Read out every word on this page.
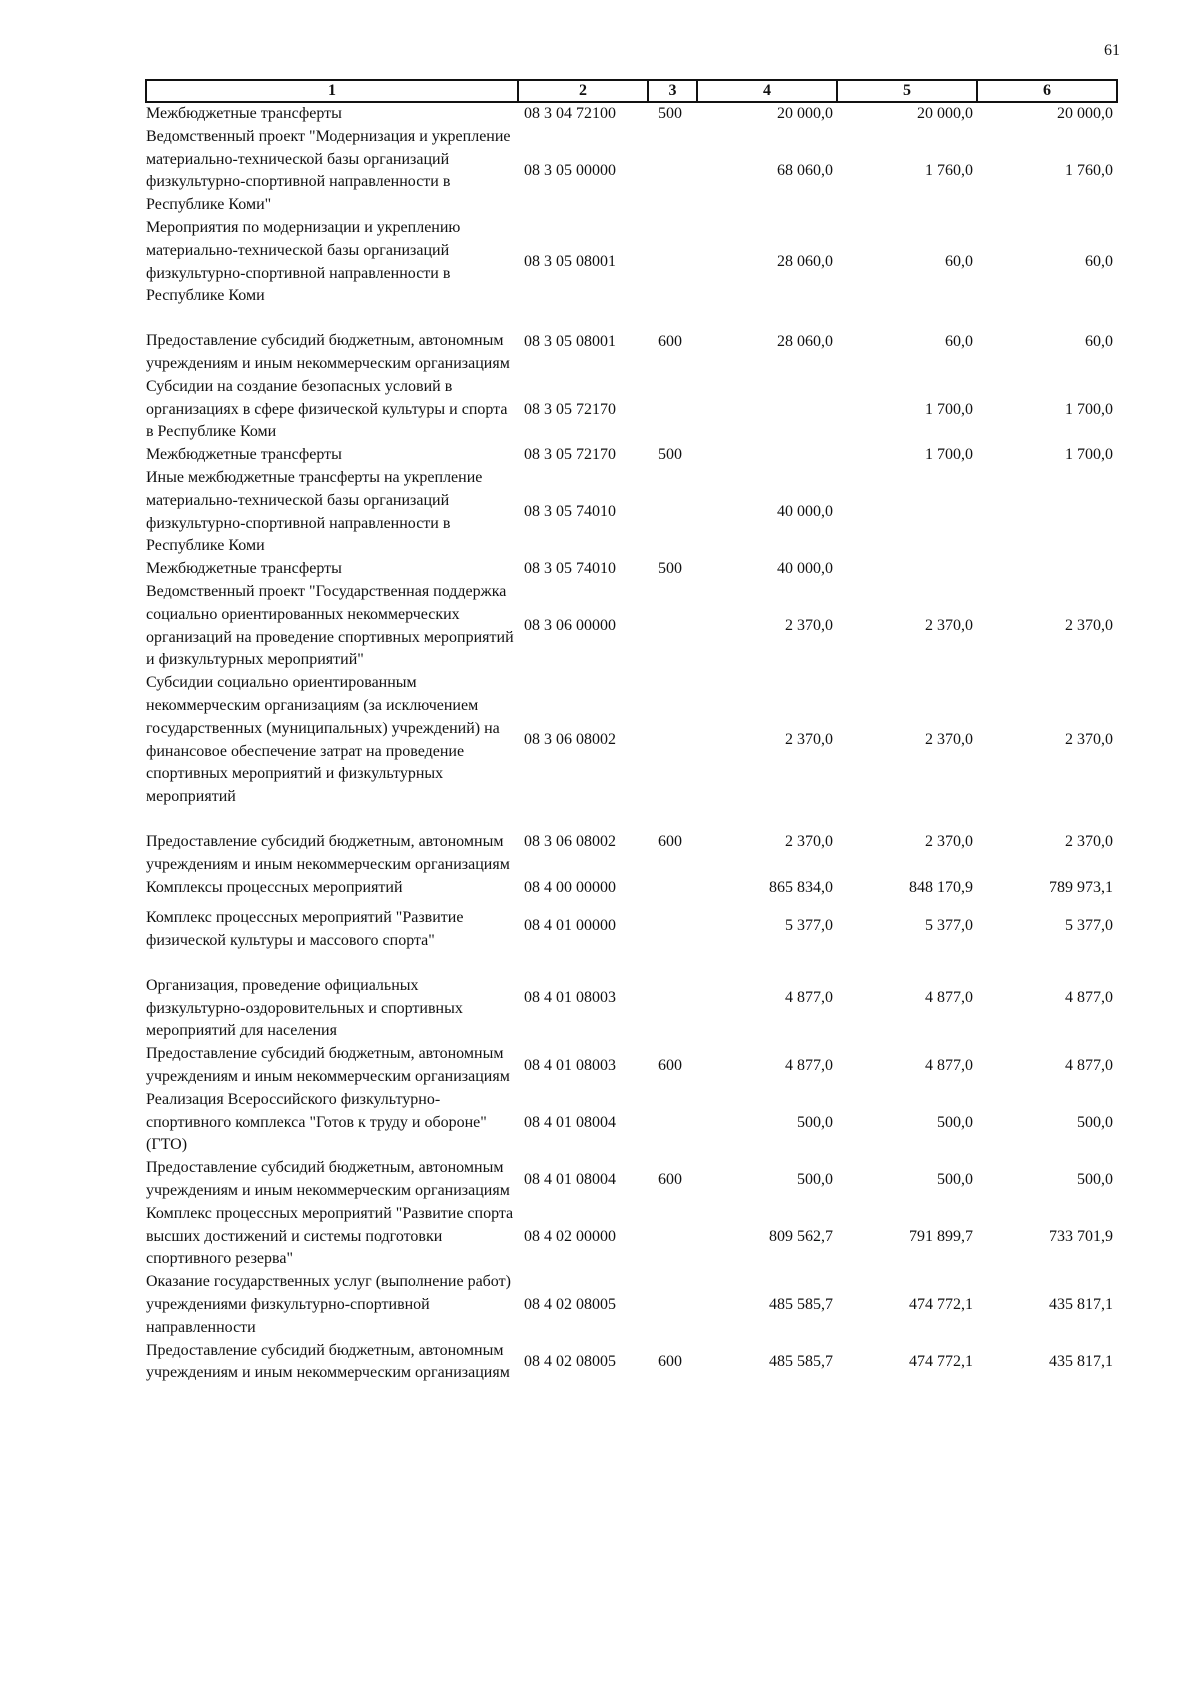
61
1	2	3	4	5	6
Межбюджетные трансферты	08 3 04 72100	500	20 000,0	20 000,0	20 000,0
Ведомственный проект "Модернизация и укрепление материально-технической базы организаций физкультурно-спортивной направленности в Республике Коми"	08 3 05 00000		68 060,0	1 760,0	1 760,0
Мероприятия по модернизации и укреплению материально-технической базы организаций физкультурно-спортивной направленности в Республике Коми	08 3 05 08001		28 060,0	60,0	60,0
Предоставление субсидий бюджетным, автономным учреждениям и иным некоммерческим организациям	08 3 05 08001	600	28 060,0	60,0	60,0
Субсидии на создание безопасных условий в организациях в сфере физической культуры и спорта в Республике Коми	08 3 05 72170			1 700,0	1 700,0
Межбюджетные трансферты	08 3 05 72170	500		1 700,0	1 700,0
Иные межбюджетные трансферты на укрепление материально-технической базы организаций физкультурно-спортивной направленности в Республике Коми	08 3 05 74010		40 000,0		
Межбюджетные трансферты	08 3 05 74010	500	40 000,0		
Ведомственный проект "Государственная поддержка социально ориентированных некоммерческих организаций на проведение спортивных мероприятий и физкультурных мероприятий"	08 3 06 00000		2 370,0	2 370,0	2 370,0
Субсидии социально ориентированным некоммерческим организациям (за исключением государственных (муниципальных) учреждений) на финансовое обеспечение затрат на проведение спортивных мероприятий и физкультурных мероприятий	08 3 06 08002		2 370,0	2 370,0	2 370,0
Предоставление субсидий бюджетным, автономным учреждениям и иным некоммерческим организациям	08 3 06 08002	600	2 370,0	2 370,0	2 370,0
Комплексы процессных мероприятий	08 4 00 00000		865 834,0	848 170,9	789 973,1
Комплекс процессных мероприятий "Развитие физической культуры и массового спорта"	08 4 01 00000		5 377,0	5 377,0	5 377,0
Организация, проведение официальных физкультурно-оздоровительных и спортивных мероприятий для населения	08 4 01 08003		4 877,0	4 877,0	4 877,0
Предоставление субсидий бюджетным, автономным учреждениям и иным некоммерческим организациям	08 4 01 08003	600	4 877,0	4 877,0	4 877,0
Реализация Всероссийского физкультурно-спортивного комплекса "Готов к труду и обороне" (ГТО)	08 4 01 08004		500,0	500,0	500,0
Предоставление субсидий бюджетным, автономным учреждениям и иным некоммерческим организациям	08 4 01 08004	600	500,0	500,0	500,0
Комплекс процессных мероприятий "Развитие спорта высших достижений и системы подготовки спортивного резерва"	08 4 02 00000		809 562,7	791 899,7	733 701,9
Оказание государственных услуг (выполнение работ) учреждениями физкультурно-спортивной направленности	08 4 02 08005		485 585,7	474 772,1	435 817,1
Предоставление субсидий бюджетным, автономным учреждениям и иным некоммерческим организациям	08 4 02 08005	600	485 585,7	474 772,1	435 817,1
